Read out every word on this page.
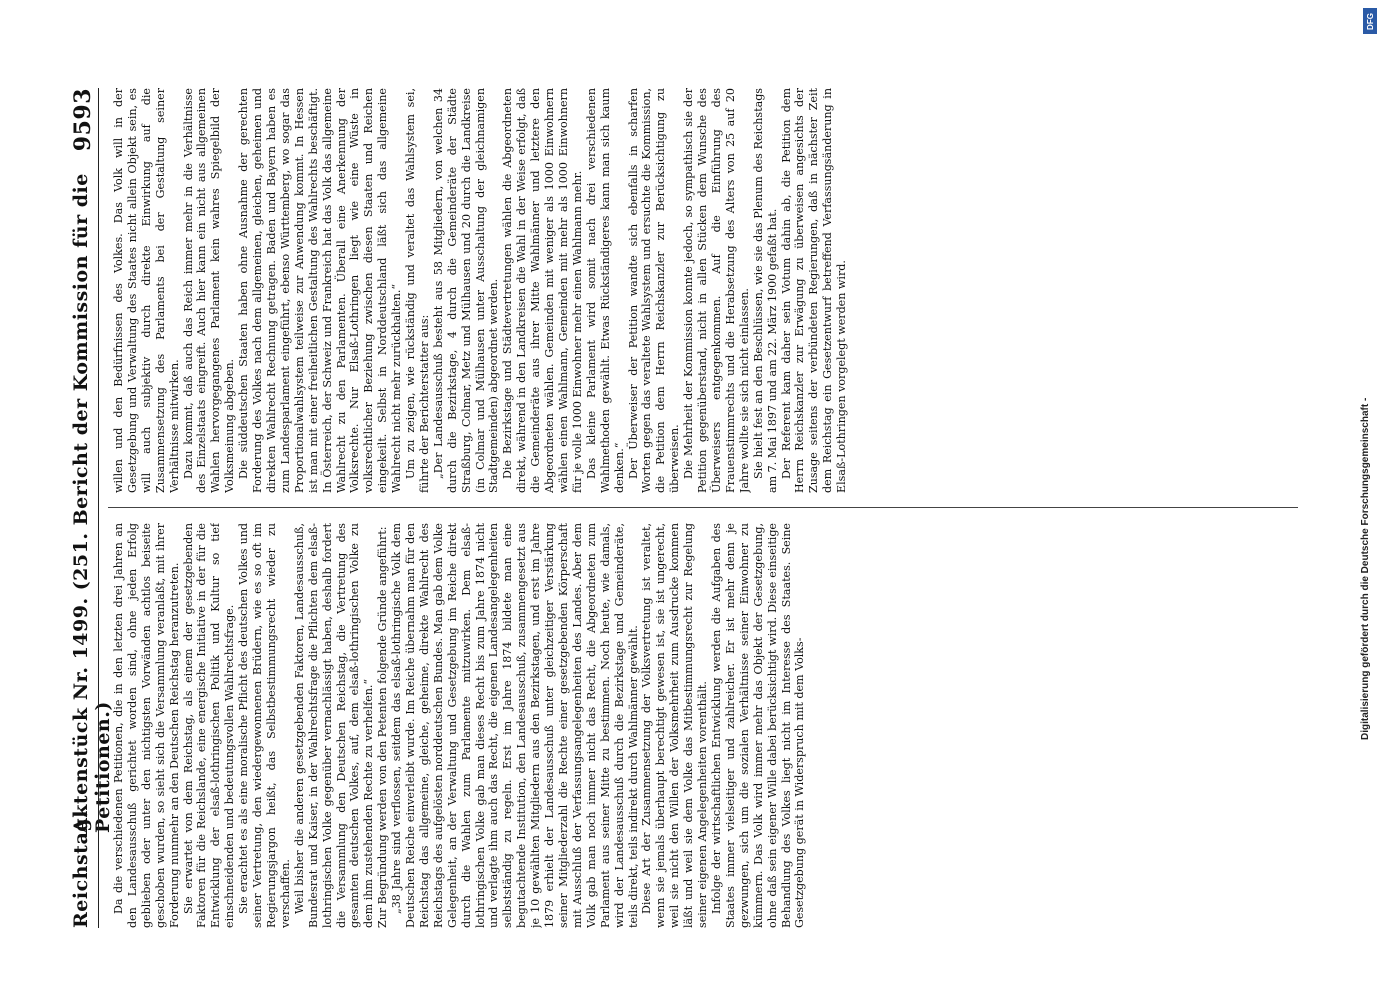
Reichstag.
Aktenstück Nr. 1499. (251. Bericht der Kommission für die Petitionen.)
9593

Da die verschiedenen Petitionen, die in den letzten drei Jahren an den Landesausschuß gerichtet worden sind, ohne jeden Erfolg geblieben oder unter den nichtigsten Vorwänden achtlos beiseite geschoben wurden, so sieht sich die Versammlung veranlaßt, mit ihrer Forderung nunmehr an den Deutschen Reichstag heranzutreten. Sie erwartet von dem Reichstag, als einem der gesetzgebenden Faktoren für die Reichslande, eine energische Initiative in der für die Entwicklung der elsaß-lothringischen Politik und Kultur so tief einschneidenden und bedeutungsvollen Wahlrechtsfrage. Sie erachtet es als eine moralische Pflicht des deutschen Volkes und seiner Vertretung, den wiedergewonnenen Brüdern, wie es so oft im Regierungsjargon heißt, das Selbstbestimmungsrecht wieder zu verschaffen. Weil bisher die anderen gesetzgebenden Faktoren, Landesausschuß, Bundesrat und Kaiser, in der Wahlrechtsfrage die Pflichten dem elsaß-lothringischen Volke gegenüber vernachlässigt haben, deshalb fordert die Versammlung den Deutschen Reichstag, die Vertretung des gesamten deutschen Volkes, auf, dem elsaß-lothringischen Volke zu dem ihm zustehenden Rechte zu verhelfen.“ Zur Begründung werden von den Petenten folgende Gründe angeführt: „38 Jahre sind verflossen, seitdem das elsaß-lothringische Volk dem Deutschen Reiche einverleibt wurde. Im Reiche übernahm man für den Reichstag das allgemeine, gleiche, geheime, direkte Wahlrecht des Reichstags des aufgelösten norddeutschen Bundes. Man gab dem Volke Gelegenheit, an der Verwaltung und Gesetzgebung im Reiche direkt durch die Wahlen zum Parlamente mitzuwirken. Dem elsaß-lothringischen Volke gab man dieses Recht bis zum Jahre 1874 nicht und verlagte ihm auch das Recht, die eigenen Landesangelegenheiten selbstständig zu regeln. Erst im Jahre 1874 bildete man eine begutachtende Institution, den Landesausschuß, zusammengesetzt aus je 10 gewählten Mitgliedern aus den Bezirkstagen, und erst im Jahre 1879 erhielt der Landesausschuß unter gleichzeitiger Verstärkung seiner Mitgliederzahl die Rechte einer gesetzgebenden Körperschaft mit Ausschluß der Verfassungsangelegenheiten des Landes. Aber dem Volk gab man noch immer nicht das Recht, die Abgeordneten zum Parlament aus seiner Mitte zu bestimmen. Noch heute, wie damals, wird der Landesausschuß durch die Bezirkstage und Gemeinderäte, teils direkt, teils indirekt durch Wahlmänner gewählt. Diese Art der Zusammensetzung der Volksvertretung ist veraltet, wenn sie jemals überhaupt berechtigt gewesen ist, sie ist ungerecht, weil sie nicht den Willen der Volksmehrheit zum Ausdrucke kommen läßt und weil sie dem Volke das Mitbestimmungsrecht zur Regelung seiner eigenen Angelegenheiten vorenthält. Infolge der wirtschaftlichen Entwicklung werden die Aufgaben des Staates immer vielseitiger und zahlreicher. Er ist mehr denn je gezwungen, sich um die sozialen Verhältnisse seiner Einwohner zu kümmern. Das Volk wird immer mehr das Objekt der Gesetzgebung, ohne daß sein eigener Wille dabei berücksichtigt wird. Diese einseitige Behandlung des Volkes liegt nicht im Interesse des Staates. Seine Gesetzgebung gerät in Widerspruch mit dem Volks-

willen und den Bedürfnissen des Volkes. Das Volk will in der Gesetzgebung und Verwaltung des Staates nicht allein Objekt sein, es will auch subjektiv durch direkte Einwirkung auf die Zusammensetzung des Parlaments bei der Gestaltung seiner Verhältnisse mitwirken. Dazu kommt, daß auch das Reich immer mehr in die Verhältnisse des Einzelstaats eingreift. Auch hier kann ein nicht aus allgemeinen Wahlen hervorgegangenes Parlament kein wahres Spiegelbild der Volksmeinung abgeben. Die süddeutschen Staaten haben ohne Ausnahme der gerechten Forderung des Volkes nach dem allgemeinen, gleichen, geheimen und direkten Wahlrecht Rechnung getragen. Baden und Bayern haben es zum Landesparlament eingeführt, ebenso Württemberg, wo sogar das Proportionalwahlsystem teilweise zur Anwendung kommt. In Hessen ist man mit einer freiheitlichen Gestaltung des Wahlrechts beschäftigt. In Österreich, der Schweiz und Frankreich hat das Volk das allgemeine Wahlrecht zu den Parlamenten. Überall eine Anerkennung der Volksrechte. Nur Elsaß-Lothringen liegt wie eine Wüste in volksrechtlicher Beziehung zwischen diesen Staaten und Reichen eingekeilt. Selbst in Norddeutschland läßt sich das allgemeine Wahlrecht nicht mehr zurückhalten.“ Um zu zeigen, wie rückständig und veraltet das Wahlsystem sei, führte der Berichterstatter aus: „Der Landesausschuß besteht aus 58 Mitgliedern, von welchen 34 durch die Bezirkstage, 4 durch die Gemeinderäte der Städte Straßburg, Colmar, Metz und Mülhausen und 20 durch die Landkreise (in Colmar und Mülhausen unter Ausschaltung der gleichnamigen Stadtgemeinden) abgeordnet werden. Die Bezirkstage und Städtevertretungen wählen die Abgeordneten direkt, während in den Landkreisen die Wahl in der Weise erfolgt, daß die Gemeinderäte aus ihrer Mitte Wahlmänner und letztere den Abgeordneten wählen. Gemeinden mit weniger als 1000 Einwohnern wählen einen Wahlmann, Gemeinden mit mehr als 1000 Einwohnern für je volle 1000 Einwohner mehr einen Wahlmann mehr. Das kleine Parlament wird somit nach drei verschiedenen Wahlmethoden gewählt. Etwas Rückständigeres kann man sich kaum denken.“ Der Überweiser der Petition wandte sich ebenfalls in scharfen Worten gegen das veraltete Wahlsystem und ersuchte die Kommission, die Petition dem Herrn Reichskanzler zur Berücksichtigung zu überweisen. Die Mehrheit der Kommission konnte jedoch, so sympathisch sie der Petition gegenüberstand, nicht in allen Stücken dem Wunsche des Überweisers entgegenkommen. Auf die Einführung des Frauenstimmrechts und die Herabsetzung des Alters von 25 auf 20 Jahre wollte sie sich nicht einlassen. Sie hielt fest an den Beschlüssen, wie sie das Plenum des Reichstags am 7. Mai 1897 und am 22. März 1900 gefaßt hat. Der Referent kam daher sein Votum dahin ab, die Petition dem Herrn Reichskanzler zur Erwägung zu überweisen angesichts der Zusage seitens der verbündeten Regierungen, daß in nächster Zeit dem Reichstag ein Gesetzentwurf betreffend Verfassungsänderung in Elsaß-Lothringen vorgelegt werden wird.

Digitalisierung gefördert durch die Deutsche Forschungsgemeinschaft -
DFG
